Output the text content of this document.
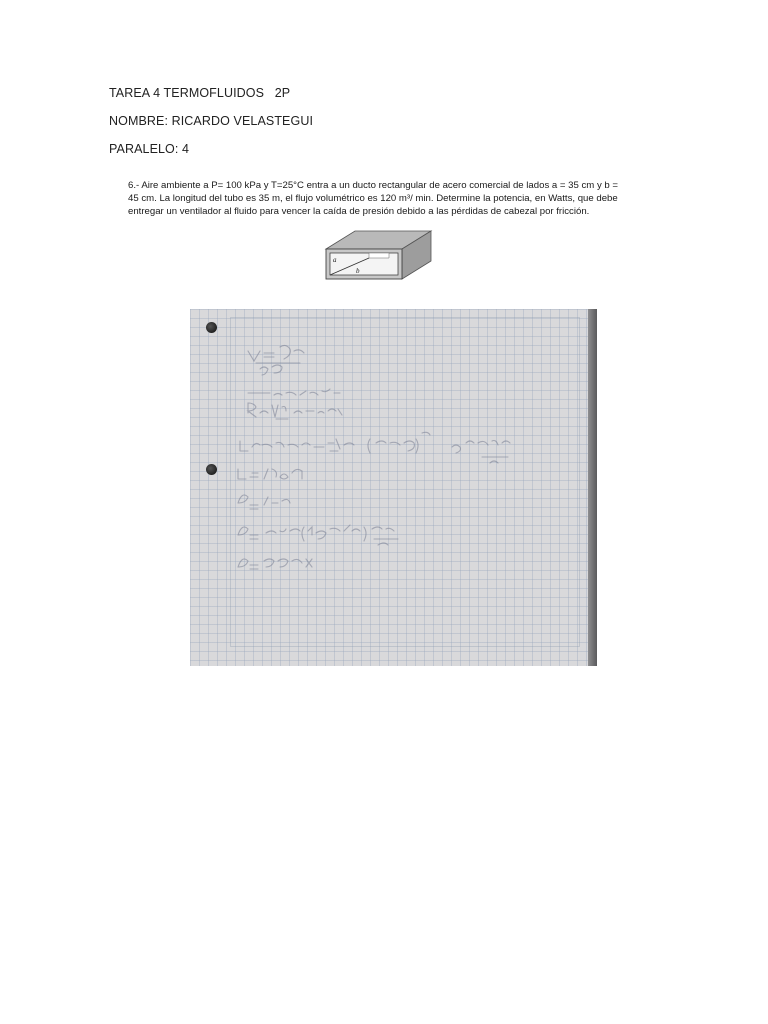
TAREA 4 TERMOFLUIDOS   2P
NOMBRE: RICARDO VELASTEGUI
PARALELO: 4
6.- Aire ambiente a P= 100 kPa y T=25°C entra a un ducto rectangular de acero comercial de lados a = 35 cm y b = 45 cm. La longitud del tubo es 35 m, el flujo volumétrico es 120 m³/ min. Determine la potencia, en Watts, que debe entregar un ventilador al fluido para vencer la caída de presión debido a las pérdidas de cabezal por fricción.
a
b
